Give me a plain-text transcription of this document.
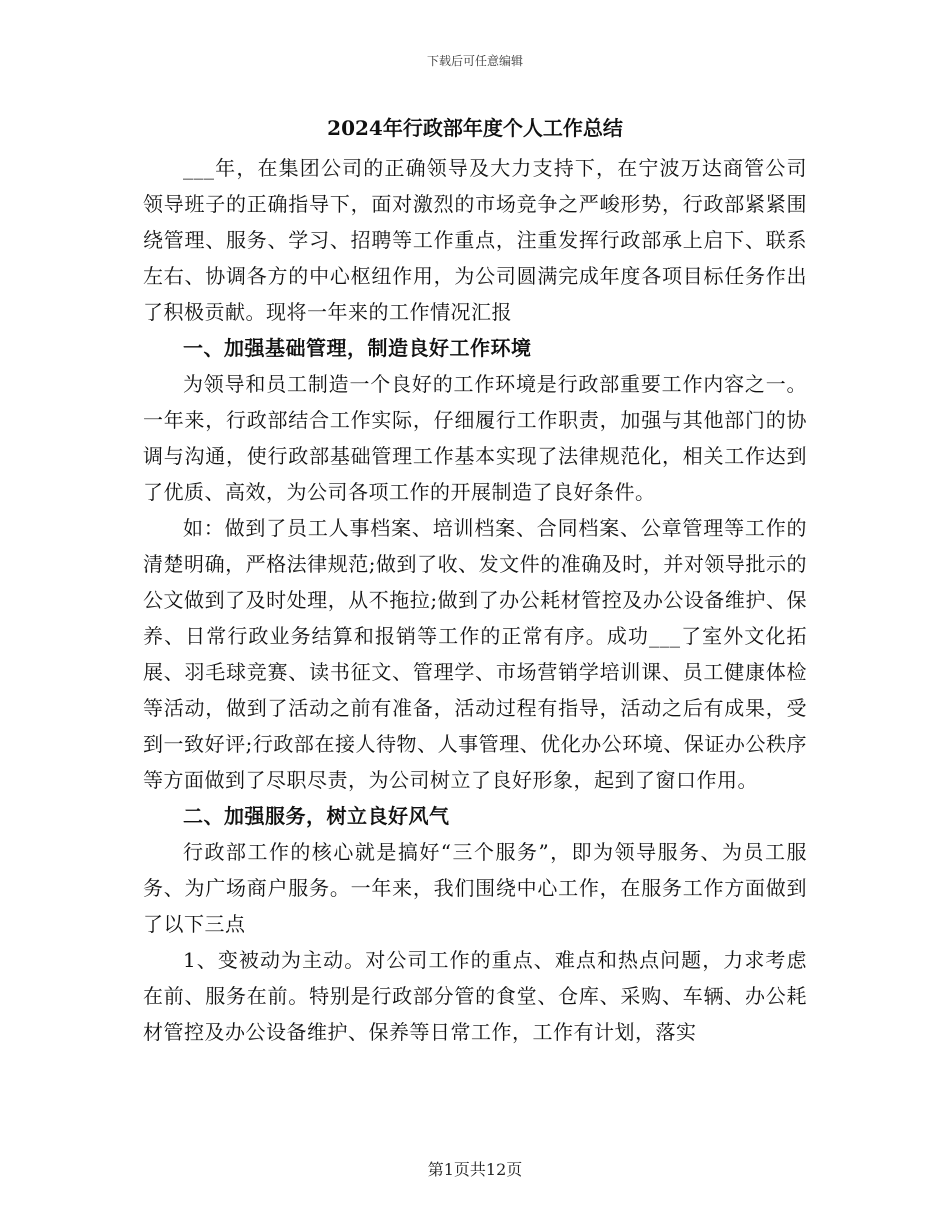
下载后可任意编辑
2024年行政部年度个人工作总结

___年，在集团公司的正确领导及大力支持下，在宁波万达商管公司领导班子的正确指导下，面对激烈的市场竞争之严峻形势，行政部紧紧围绕管理、服务、学习、招聘等工作重点，注重发挥行政部承上启下、联系左右、协调各方的中心枢纽作用，为公司圆满完成年度各项目标任务作出了积极贡献。现将一年来的工作情况汇报

一、加强基础管理，制造良好工作环境

为领导和员工制造一个良好的工作环境是行政部重要工作内容之一。一年来，行政部结合工作实际，仔细履行工作职责，加强与其他部门的协调与沟通，使行政部基础管理工作基本实现了法律规范化，相关工作达到了优质、高效，为公司各项工作的开展制造了良好条件。

如：做到了员工人事档案、培训档案、合同档案、公章管理等工作的清楚明确，严格法律规范;做到了收、发文件的准确及时，并对领导批示的公文做到了及时处理，从不拖拉;做到了办公耗材管控及办公设备维护、保养、日常行政业务结算和报销等工作的正常有序。成功___了室外文化拓展、羽毛球竞赛、读书征文、管理学、市场营销学培训课、员工健康体检等活动，做到了活动之前有准备，活动过程有指导，活动之后有成果，受到一致好评;行政部在接人待物、人事管理、优化办公环境、保证办公秩序等方面做到了尽职尽责，为公司树立了良好形象，起到了窗口作用。

二、加强服务，树立良好风气

行政部工作的核心就是搞好“三个服务”，即为领导服务、为员工服务、为广场商户服务。一年来，我们围绕中心工作，在服务工作方面做到了以下三点

1、变被动为主动。对公司工作的重点、难点和热点问题，力求考虑在前、服务在前。特别是行政部分管的食堂、仓库、采购、车辆、办公耗材管控及办公设备维护、保养等日常工作，工作有计划，落实

第1页共12页
